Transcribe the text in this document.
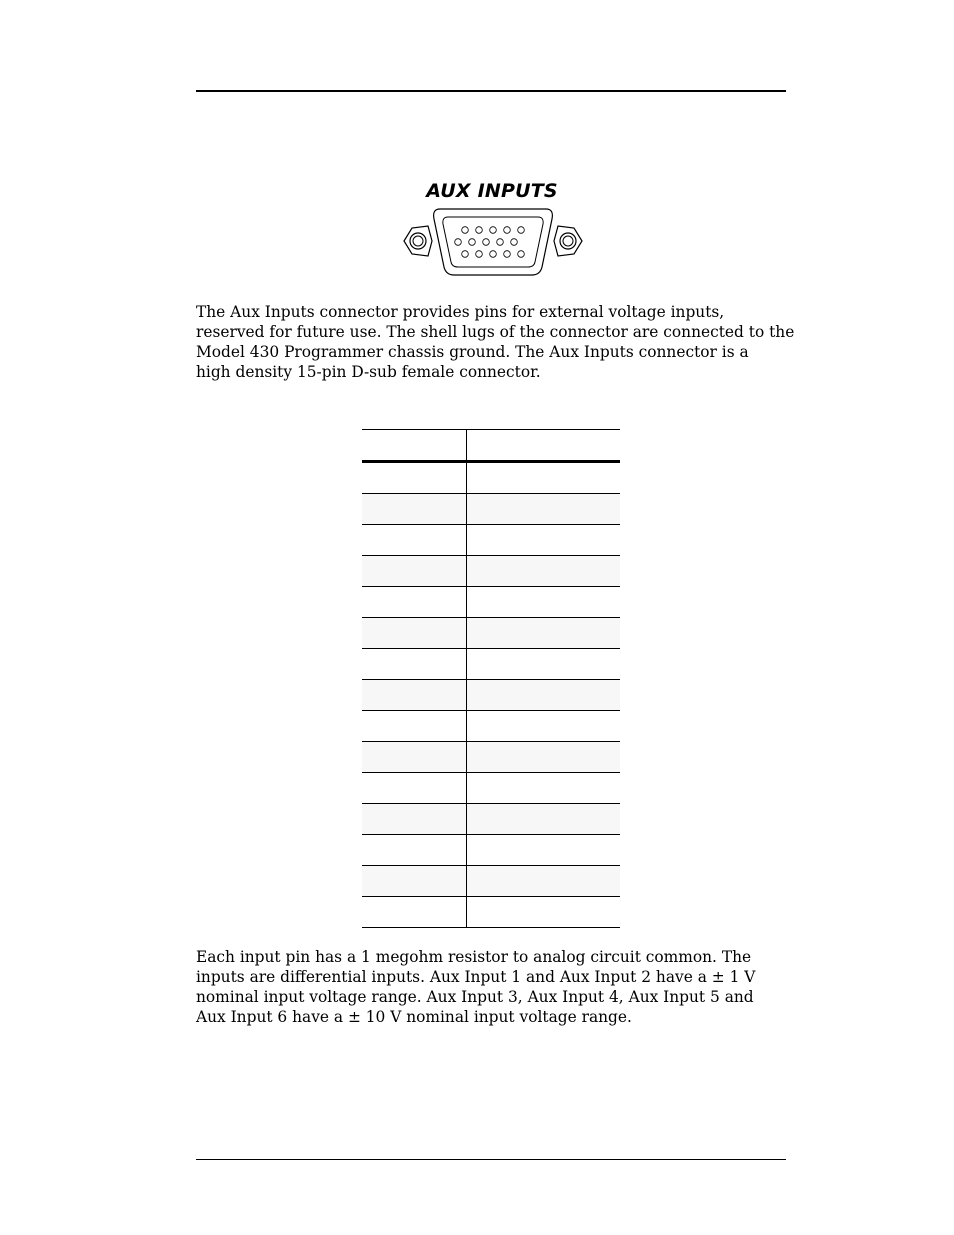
AUX INPUTS

The Aux Inputs connector provides pins for external voltage inputs,

reserved for future use. The shell lugs of the connector are connected to the

Model 430 Programmer chassis ground. The Aux Inputs connector is a

high density 15-pin D-sub female connector.

Each input pin has a 1 megohm resistor to analog circuit common. The

inputs are differential inputs. Aux Input 1 and Aux Input 2 have a ± 1 V

nominal input voltage range. Aux Input 3, Aux Input 4, Aux Input 5 and

Aux Input 6 have a ± 10 V nominal input voltage range.
